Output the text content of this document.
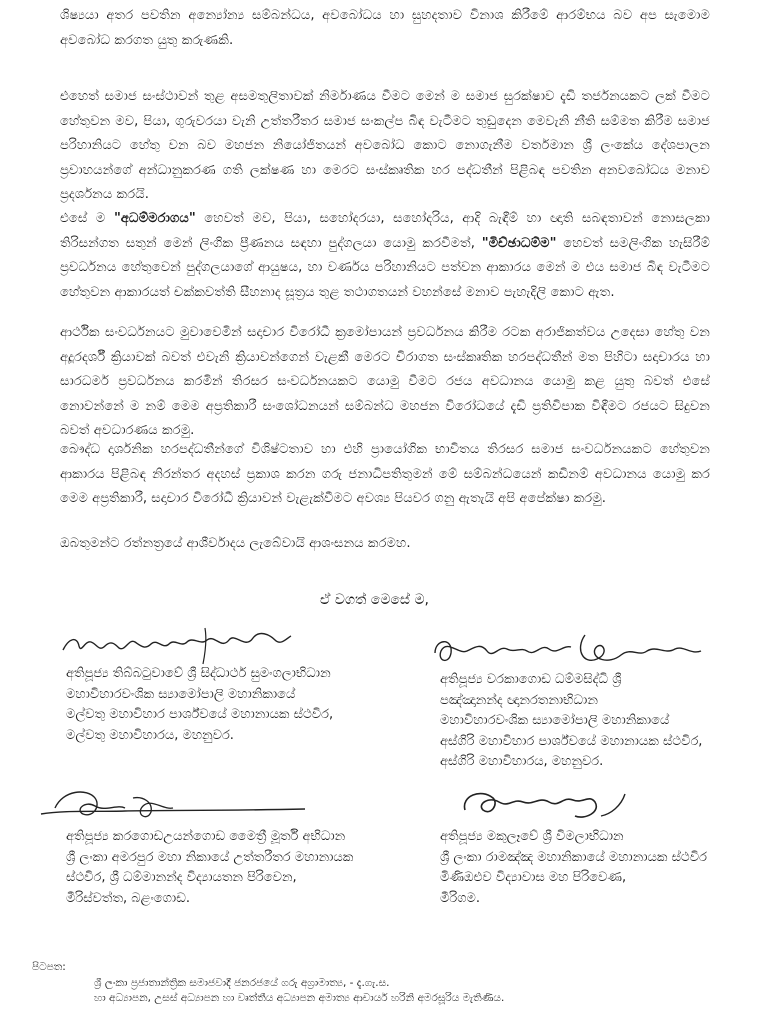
ශිෂ්‍යයා අතර පවතින අන්‍යෝන්‍ය සම්බන්ධය, අවබෝධය හා සුහදතාව විනාශ කිරීමේ ආරම්භය බව අප සැමොම අවබෝධ කරගත යුතු කරුණකි.

එහෙත් සමාජ සංස්ථාවන් තුළ අසමතුලිතාවක් නිර්මාණය වීමට මෙන් ම සමාජ සුරක්ෂාව දැඩි තර්ජනයකට ලක් වීමට හේතුවන මව, පියා, ගුරුවරයා වැනි උත්තරීතර සමාජ සංකල්ප බිඳ වැටීමට තුඩුදෙන මෙවැනි නීති සම්මත කිරීම සමාජ පරිහානියට හේතු වන බව මහජන නියෝජිතයන් අවබෝධ කොට නොගැනීම වර්තමාන ශ්‍රී ලංකේය දේශපාලන ප්‍රවාහයන්ගේ අන්ධානුකරණ ගති ලක්ෂණ හා මෙරට සංස්කෘතික හර පද්ධතීන් පිළිබඳ පවතින අනවබෝධය මනාව ප්‍රදර්ශනය කරයි.

එසේ ම "අධම්මරාගය" හෙවත් මව, පියා, සහෝදරයා, සහෝදරිය, ආදි බැඳීම් හා ඥාති සබඳතාවන් නොසලකා තිරිසන්ගත සතුන් මෙන් ලිංගික ප්‍රීණනය සඳහා පුද්ගලයා යොමු කරවීමත්, "මිච්ඡාධම්ම" හෙවත් සමලිංගික හැසිරීම් ප්‍රවර්ධනය හේතුවෙන් පුද්ගලයාගේ ආයුෂය, හා වර්ණය පරිහානියට පත්වන ආකාරය මෙන් ම එය සමාජ බිඳ වැටීමට හේතුවන ආකාරයත් චක්කවත්ති සීහනාද සූත්‍රය තුළ තථාගතයන් වහන්සේ මනාව පැහැදිලි කොට ඇත.

ආර්ථික සංවර්ධනයට මුවාවෙමින් සදාචාර විරෝධී ක්‍රමෝපායන් ප්‍රවර්ධනය කිරීම රටක අරාජිකත්වය උදෙසා හේතු වන අදූරදර්ශී ක්‍රියාවක් බවත් එවැනි ක්‍රියාවන්ගෙන් වැළකී මෙරට චිරාගත සංස්කෘතික හරපද්ධතීන් මත පිහිටා සදාචාරය හා සාරධර්ම ප්‍රවර්ධනය කරමින් තිරසර සංවර්ධනයකට යොමු වීමට රජය අවධානය යොමු කළ යුතු බවත් එසේ නොවන්නේ ම නම් මෙම අප්‍රතිකාරී සංශෝධනයන් සම්බන්ධ මහජන විරෝධයේ දැඩි ප්‍රතිවිපාක විඳීමට රජයට සිදුවන බවත් අවධාරණය කරමු.

බෞද්ධ දාර්ශනික හරපද්ධතීන්ගේ විශිෂ්ටතාව හා එහි ප්‍රායෝගික භාවිතය තිරසර සමාජ සංවර්ධනයකට හේතුවන ආකාරය පිළිබඳ නිරන්තර අදහස් ප්‍රකාශ කරන ගරු ජනාධිපතිතුමන් මේ සම්බන්ධයෙන් කඩිනම් අවධානය යොමු කර මෙම අප්‍රතිකාරී, සදාචාර විරෝධී ක්‍රියාවන් වැළැක්වීමට අවශ්‍ය පියවර ගනු ඇතැයි අපි අපේක්ෂා කරමු.

ඔබතුමන්ට රත්නත්‍රයේ ආශීර්වාදය ලැබේවායි ආශංසනය කරමහ.

ඒ වගත් මෙසේ ම,

අතිපූජ්‍ය තිබ්බටුවාවේ ශ්‍රී සිද්ධාර්ථ සුමංගලාභිධාන

මහාවිහාරවංශික ස්‍යාමෝපාලි මහානිකායේ

මල්වතු මහාවිහාර පාර්ශ්වයේ මහානායක ස්ථවිර,

මල්වතු මහාවිහාරය, මහනුවර.

අතිපූජ්‍ය වරකාගොඩ ධම්මසිද්ධි ශ්‍රී

පඤ්ඤානන්ද ඥානරතනාභිධාන

මහාවිහාරවංශික ස්‍යාමෝපාලි මහානිකායේ

අස්ගිරි මහාවිහාර පාර්ශ්වයේ මහානායක ස්ථවිර,

අස්ගිරි මහාවිහාරය, මහනුවර.

අතිපූජ්‍ය කරගොඩඋයන්ගොඩ මෛත්‍රී මූර්ති අභිධාන

ශ්‍රී ලංකා අමරපුර මහා නිකායේ උත්තරීතර මහානායක

ස්ථවිර, ශ්‍රී ධම්මානන්ද විද්‍යායතන පිරිවෙන,

මීරිස්වත්ත, බළංගොඩ.

අතිපූජ්‍ය මකුලෑවේ ශ්‍රී විමලාභිධාන

ශ්‍රී ලංකා රාමඤ්ඤ මහානිකායේ මහානායක ස්ථවිර

මිණිඔළුව විද්‍යාවාස මහ පිරිවෙණ,

මීරිගම.

පිටපත:

ශ්‍රී ලංකා ප්‍රජාතාන්ත්‍රික සමාජවාදී ජනරජයේ ගරු අග්‍රාමාත්‍ය, - දැ.ගැ.ස.

හා අධ්‍යාපන, උසස් අධ්‍යාපන හා වෘත්තීය අධ්‍යාපන අමාත්‍ය ආචාර්ය හරිනි අමරසූරිය මැතිණිය.
